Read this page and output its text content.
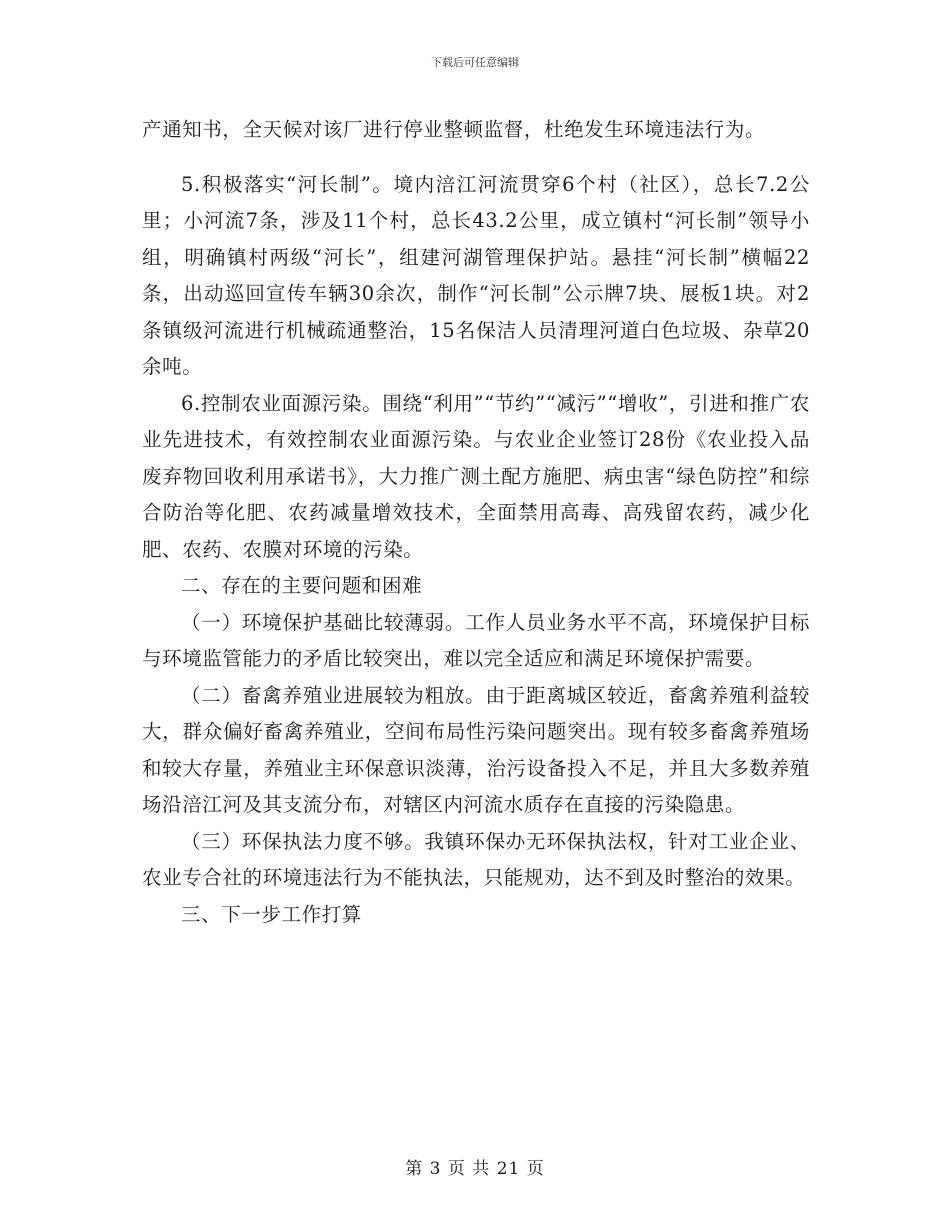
下载后可任意编辑

产通知书，全天候对该厂进行停业整顿监督，杜绝发生环境违法行为。

5.积极落实“河长制”。境内涪江河流贯穿6个村（社区），总长7.2公里；小河流7条，涉及11个村，总长43.2公里，成立镇村“河长制”领导小组，明确镇村两级“河长”，组建河湖管理保护站。悬挂“河长制”横幅22条，出动巡回宣传车辆30余次，制作“河长制”公示牌7块、展板1块。对2条镇级河流进行机械疏通整治，15名保洁人员清理河道白色垃圾、杂草20余吨。

6.控制农业面源污染。围绕“利用”“节约”“减污”“增收”，引进和推广农业先进技术，有效控制农业面源污染。与农业企业签订28份《农业投入品废弃物回收利用承诺书》，大力推广测土配方施肥、病虫害“绿色防控”和综合防治等化肥、农药减量增效技术，全面禁用高毒、高残留农药，减少化肥、农药、农膜对环境的污染。

二、存在的主要问题和困难

（一）环境保护基础比较薄弱。工作人员业务水平不高，环境保护目标与环境监管能力的矛盾比较突出，难以完全适应和满足环境保护需要。

（二）畜禽养殖业进展较为粗放。由于距离城区较近，畜禽养殖利益较大，群众偏好畜禽养殖业，空间布局性污染问题突出。现有较多畜禽养殖场和较大存量，养殖业主环保意识淡薄，治污设备投入不足，并且大多数养殖场沿涪江河及其支流分布，对辖区内河流水质存在直接的污染隐患。

（三）环保执法力度不够。我镇环保办无环保执法权，针对工业企业、农业专合社的环境违法行为不能执法，只能规劝，达不到及时整治的效果。

三、下一步工作打算

第 3 页 共 21 页
